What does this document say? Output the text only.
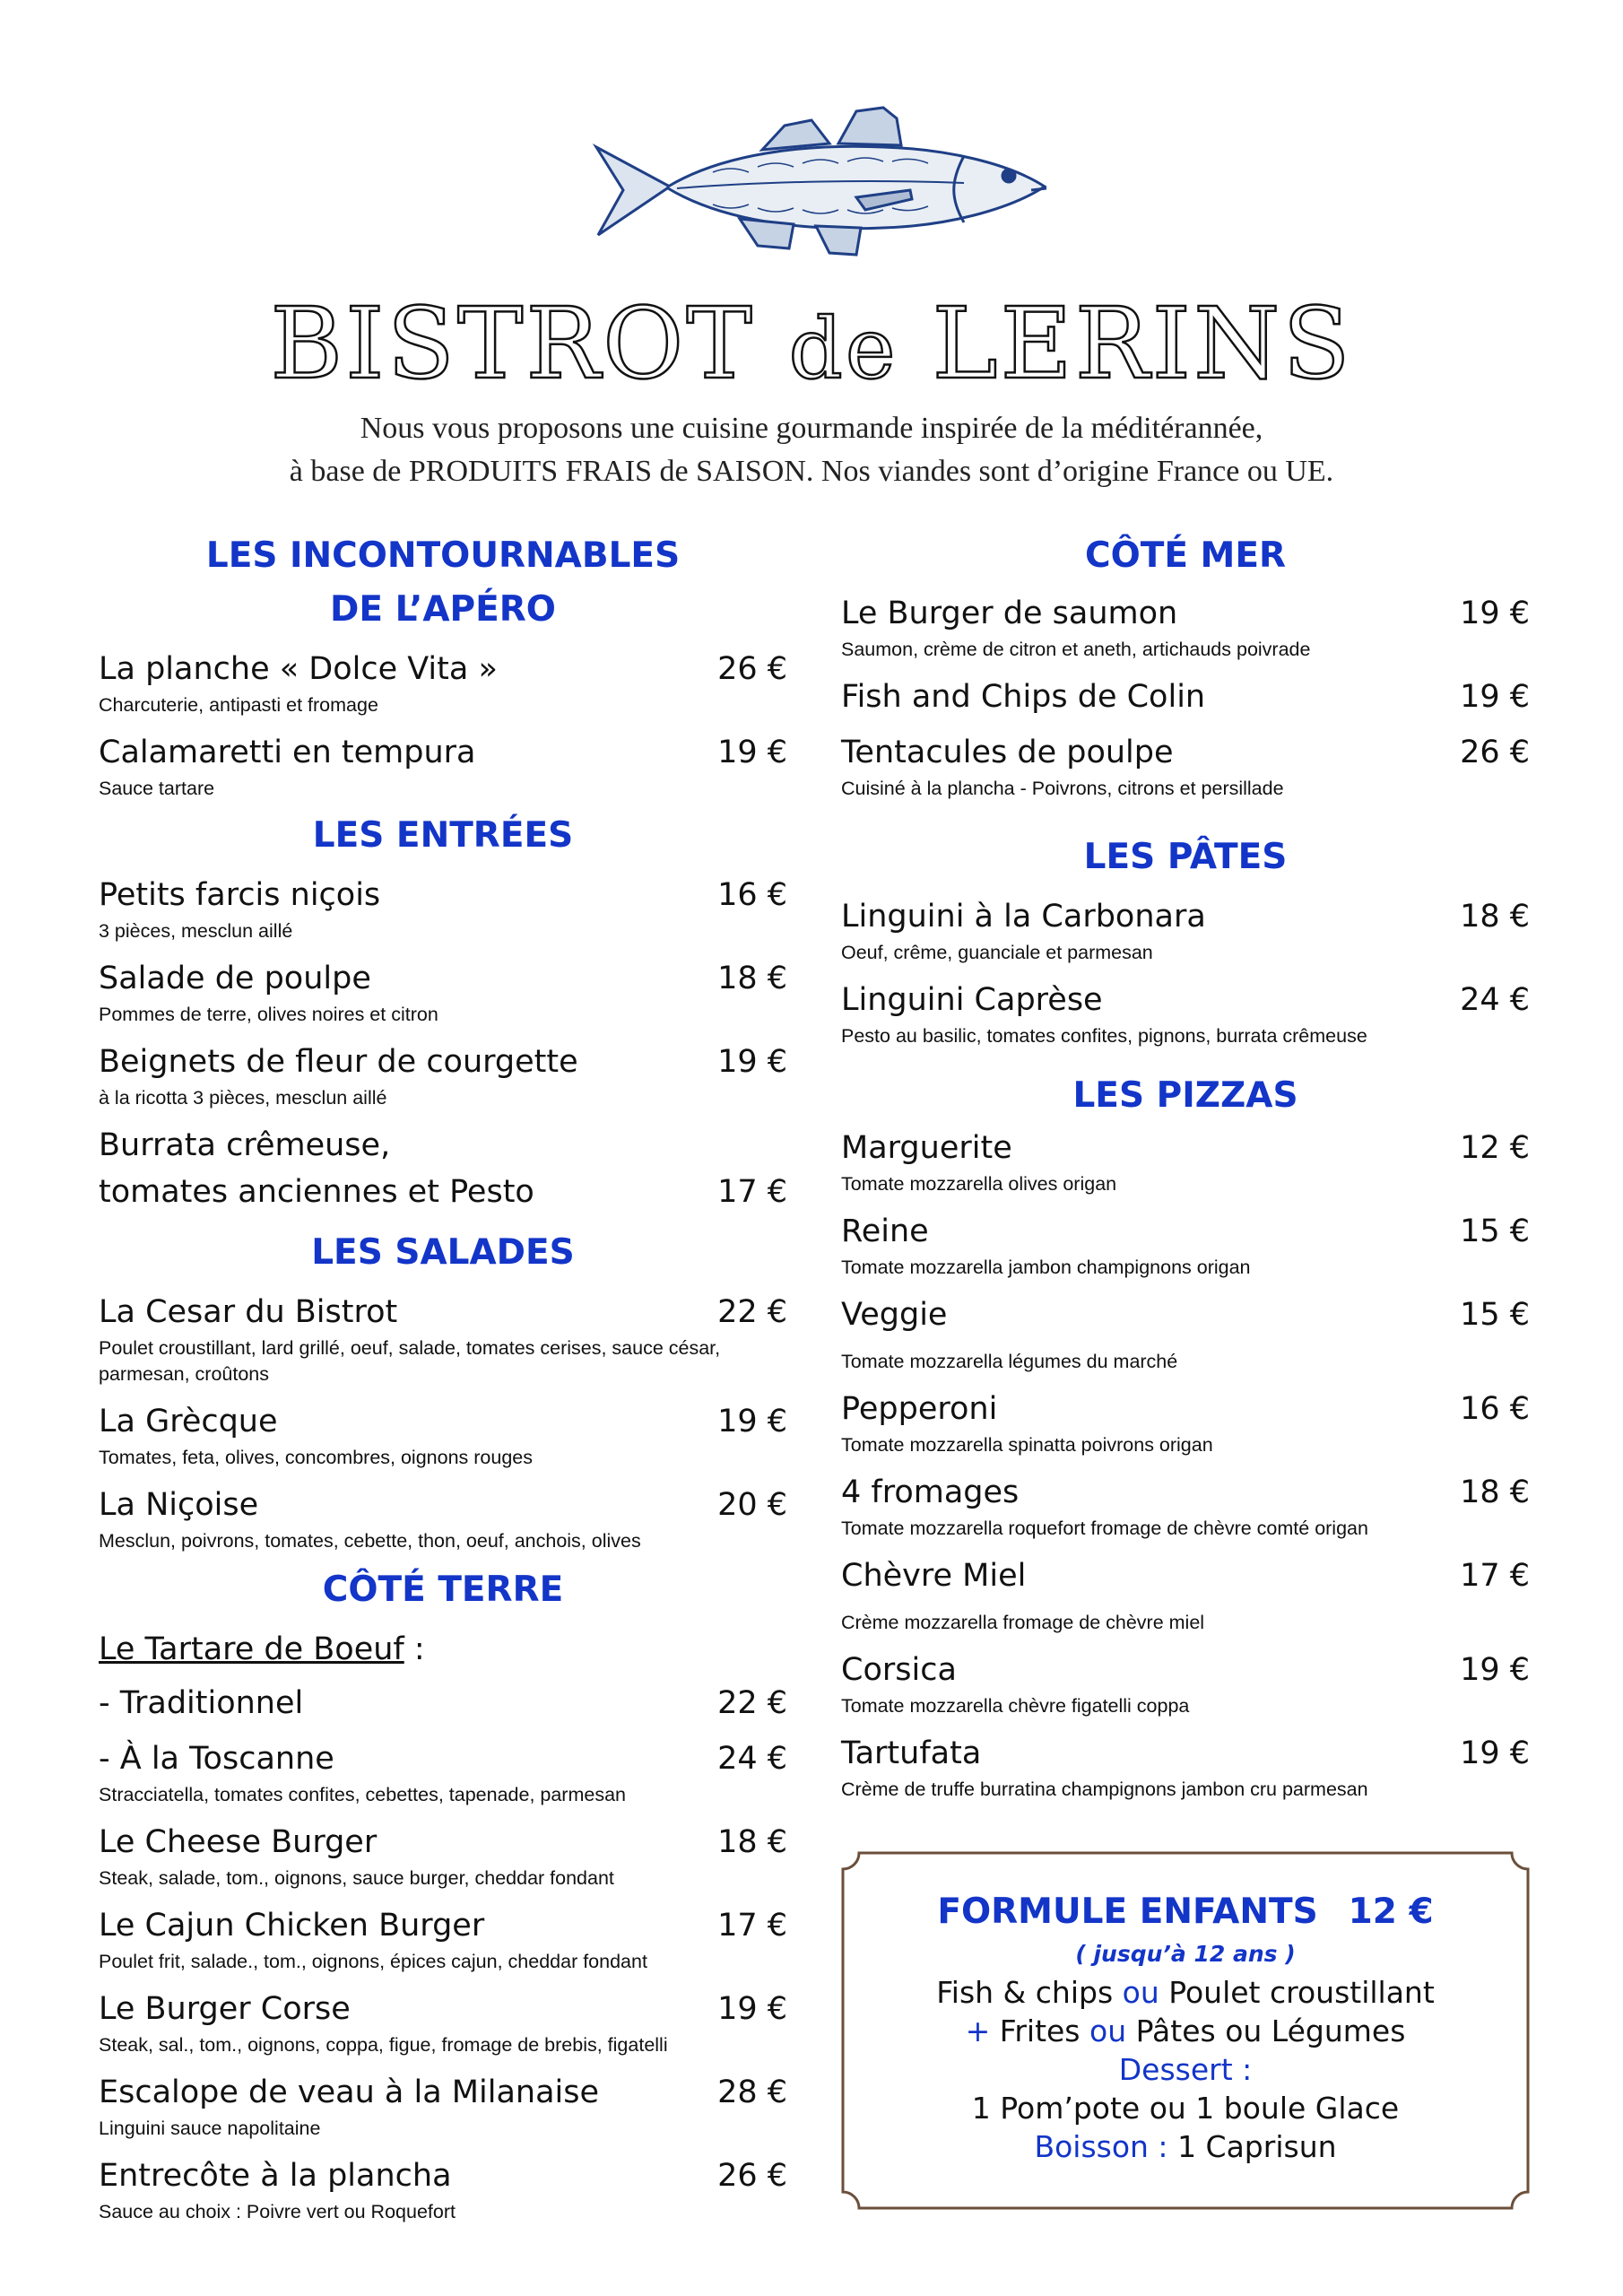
BISTROT de LERINS
Nous vous proposons une cuisine gourmande inspirée de la méditérannée,
à base de PRODUITS FRAIS de SAISON. Nos viandes sont d’origine France ou UE.
LES INCONTOURNABLES
DE L’APÉRO
La planche « Dolce Vita »	26 €
Charcuterie, antipasti et fromage
Calamaretti en tempura	19 €
Sauce tartare
LES ENTRÉES
Petits farcis niçois	16 €
3 pièces, mesclun aillé
Salade de poulpe	18 €
Pommes de terre, olives noires et citron
Beignets de fleur de courgette	19 €
à la ricotta 3 pièces, mesclun aillé
Burrata crêmeuse,
tomates anciennes et Pesto	17 €
LES SALADES
La Cesar du Bistrot	22 €
Poulet croustillant, lard grillé, oeuf, salade, tomates cerises, sauce césar, parmesan, croûtons
La Grècque	19 €
Tomates, feta, olives, concombres, oignons rouges
La Niçoise	20 €
Mesclun, poivrons, tomates, cebette, thon, oeuf, anchois, olives
CÔTÉ TERRE
Le Tartare de Boeuf :
- Traditionnel	22 €
- À la Toscanne	24 €
Stracciatella, tomates confites, cebettes, tapenade, parmesan
Le Cheese Burger	18 €
Steak, salade, tom., oignons, sauce burger, cheddar fondant
Le Cajun Chicken Burger	17 €
Poulet frit, salade., tom., oignons, épices cajun, cheddar fondant
Le Burger Corse	19 €
Steak, sal., tom., oignons, coppa, figue, fromage de brebis, figatelli
Escalope de veau à la Milanaise	28 €
Linguini sauce napolitaine
Entrecôte à la plancha	26 €
Sauce au choix : Poivre vert ou Roquefort
CÔTÉ MER
Le Burger de saumon	19 €
Saumon, crème de citron et aneth, artichauds poivrade
Fish and Chips de Colin	19 €
Tentacules de poulpe	26 €
Cuisiné à la plancha - Poivrons, citrons et persillade
LES PÂTES
Linguini à la Carbonara	18 €
Oeuf, crême, guanciale et parmesan
Linguini Caprèse	24 €
Pesto au basilic, tomates confites, pignons, burrata crêmeuse
LES PIZZAS
Marguerite	12 €
Tomate mozzarella olives origan
Reine	15 €
Tomate mozzarella jambon champignons origan
Veggie	15 €
Tomate mozzarella légumes du marché
Pepperoni	16 €
Tomate mozzarella spinatta poivrons origan
4 fromages	18 €
Tomate mozzarella roquefort fromage de chèvre comté origan
Chèvre Miel	17 €
Crème mozzarella fromage de chèvre miel
Corsica	19 €
Tomate mozzarella chèvre figatelli coppa
Tartufata	19 €
Crème de truffe burratina champignons jambon cru parmesan
FORMULE ENFANTS 12 €
( jusqu’à 12 ans )
Fish & chips ou Poulet croustillant
+ Frites ou Pâtes ou Légumes
Dessert :
1 Pom’pote ou 1 boule Glace
Boisson : 1 Caprisun
